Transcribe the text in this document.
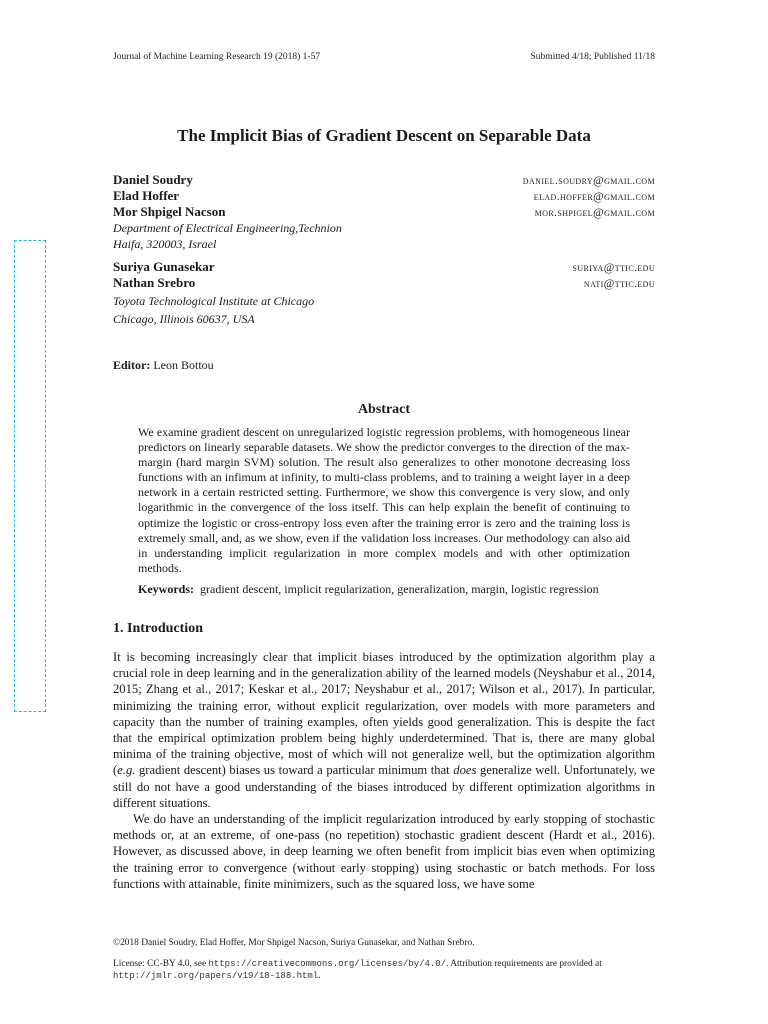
Journal of Machine Learning Research 19 (2018) 1-57	Submitted 4/18; Published 11/18
The Implicit Bias of Gradient Descent on Separable Data
Daniel Soudry	daniel.soudry@gmail.com
Elad Hoffer	elad.hoffer@gmail.com
Mor Shpigel Nacson	mor.shpigel@gmail.com
Department of Electrical Engineering,Technion
Haifa, 320003, Israel
Suriya Gunasekar	suriya@ttic.edu
Nathan Srebro	nati@ttic.edu
Toyota Technological Institute at Chicago
Chicago, Illinois 60637, USA
Editor: Leon Bottou
Abstract
We examine gradient descent on unregularized logistic regression problems, with homogeneous linear predictors on linearly separable datasets. We show the predictor converges to the direction of the max-margin (hard margin SVM) solution. The result also generalizes to other monotone decreasing loss functions with an infimum at infinity, to multi-class problems, and to training a weight layer in a deep network in a certain restricted setting. Furthermore, we show this convergence is very slow, and only logarithmic in the convergence of the loss itself. This can help explain the benefit of continuing to optimize the logistic or cross-entropy loss even after the training error is zero and the training loss is extremely small, and, as we show, even if the validation loss increases. Our methodology can also aid in understanding implicit regularization in more complex models and with other optimization methods.
Keywords: gradient descent, implicit regularization, generalization, margin, logistic regression
1. Introduction

It is becoming increasingly clear that implicit biases introduced by the optimization algorithm play a crucial role in deep learning and in the generalization ability of the learned models (Neyshabur et al., 2014, 2015; Zhang et al., 2017; Keskar et al., 2017; Neyshabur et al., 2017; Wilson et al., 2017). In particular, minimizing the training error, without explicit regularization, over models with more parameters and capacity than the number of training examples, often yields good generalization. This is despite the fact that the empirical optimization problem being highly underdetermined. That is, there are many global minima of the training objective, most of which will not generalize well, but the optimization algorithm (e.g. gradient descent) biases us toward a particular minimum that does generalize well. Unfortunately, we still do not have a good understanding of the biases introduced by different optimization algorithms in different situations.

We do have an understanding of the implicit regularization introduced by early stopping of stochastic methods or, at an extreme, of one-pass (no repetition) stochastic gradient descent (Hardt et al., 2016). However, as discussed above, in deep learning we often benefit from implicit bias even when optimizing the training error to convergence (without early stopping) using stochastic or batch methods. For loss functions with attainable, finite minimizers, such as the squared loss, we have some

©2018 Daniel Soudry, Elad Hoffer, Mor Shpigel Nacson, Suriya Gunasekar, and Nathan Srebro.
License: CC-BY 4.0, see https://creativecommons.org/licenses/by/4.0/. Attribution requirements are provided at
http://jmlr.org/papers/v19/18-188.html.
